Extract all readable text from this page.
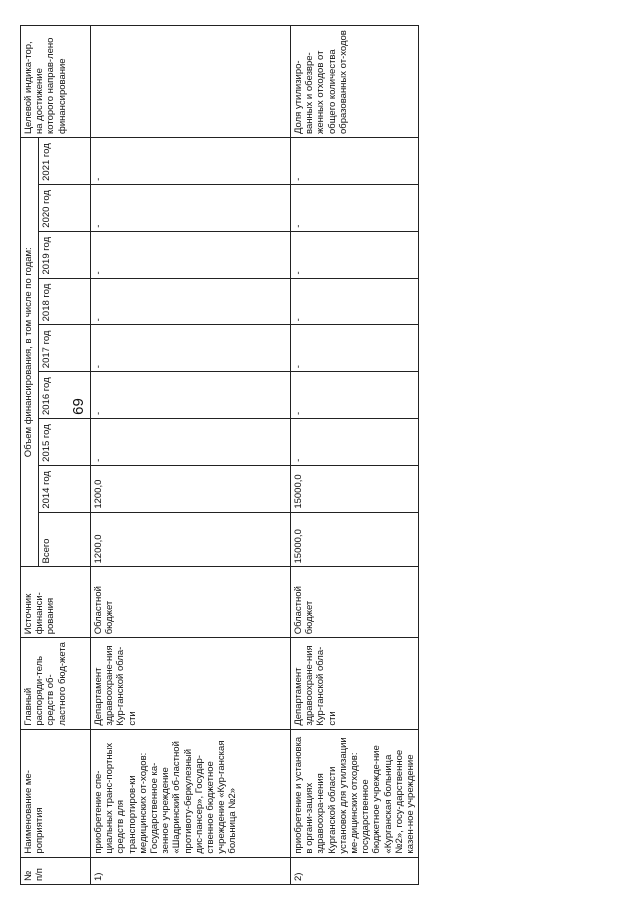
69
№ п/п	Наименование ме-роприятия	Главный распоряди-тель средств об-ластного бюд-жета	Источник финанси-рования	Объем финансирования, в том числе по годам:									Целевой индика-тор, на достижение которого направ-лено финансирование
				Всего	2014 год	2015 год	2016 год	2017 год	2018 год	2019 год	2020 год	2021 год	
1)	приобретение спе-циальных транс-портных средств для транспортиров-ки медицинских от-ходов: Государственное ка-зенное учреждение «Шадринский об-ластной противоту-беркулезный дис-пансер», Государ-ственное бюджетное учреждение «Кур-ганская больница №2»	Департамент здравоохране-ния Кур-ганской обла-сти	Областной бюджет	1200,0	1200,0	-	-	-	-	-	-	-	
2)	приобретение и установка в органи-зациях здравоохра-нения Курганской области установок для утилизации ме-дицинских отходов: государственное бюджетное учрежде-ние «Курганская больница №2», госу-дарственное казен-ное учреждение	Департамент здравоохране-ния Кур-ганской обла-сти	Областной бюджет	15000,0	15000,0	-	-	-	-	-	-	-	Доля утилизиро-ванных и обезвре-женных отходов от общего количества образованных от-ходов
